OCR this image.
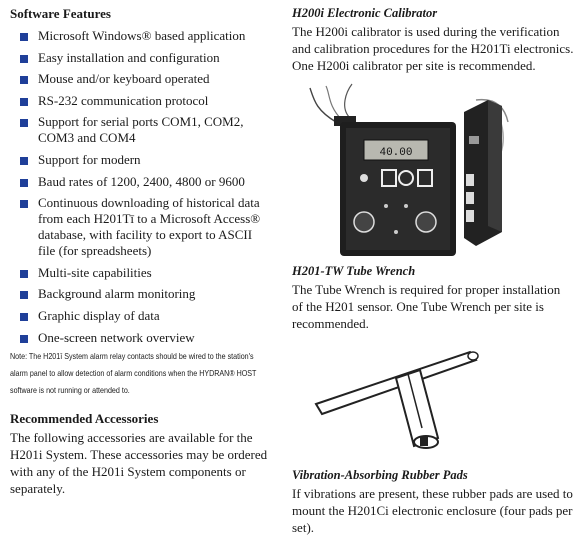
Software Features
Microsoft Windows® based application
Easy installation and configuration
Mouse and/or keyboard operated
RS-232 communication protocol
Support for serial ports COM1, COM2, COM3 and COM4
Support for modern
Baud rates of 1200, 2400, 4800 or 9600
Continuous downloading of historical data from each H201Tī to a Microsoft Access® database, with facility to export to ASCII file (for spreadsheets)
Multi-site capabilities
Background alarm monitoring
Graphic display of data
One-screen network overview
Note: The H201ī System alarm relay contacts should be wired to the station's alarm panel to allow detection of alarm conditions when the HYDRAN® HOST software is not running or attended to.
Recommended Accessories
The following accessories are available for the H201i System. These accessories may be ordered with any of the H201i System components or separately.
H200i Electronic Calibrator
The H200i calibrator is used during the verification and calibration procedures for the H201Ti electronics. One H200i calibrator per site is recommended.
40.00
H201-TW Tube Wrench
The Tube Wrench is required for proper installation of the H201 sensor. One Tube Wrench per site is recommended.
Vibration-Absorbing Rubber Pads
If vibrations are present, these rubber pads are used to mount the H201Ci electronic enclosure (four pads per set).
